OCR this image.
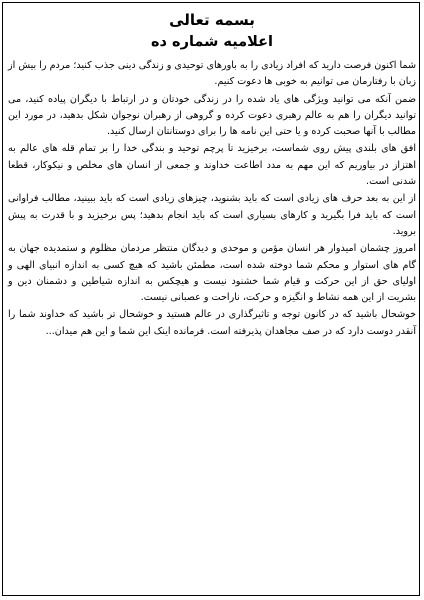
بسمه تعالی
اعلامیه شماره ده

شما اکنون فرصت دارید که افراد زیادی را به باورهای توحیدی و زندگی دینی جذب کنید؛ مردم را بیش از زبان با رفتارمان می توانیم به خوبی ها دعوت کنیم.

ضمن آنکه می توانید ویژگی های یاد شده را در زندگی خودتان و در ارتباط با دیگران پیاده کنید، می توانید دیگران را هم به عالم رهبری دعوت کرده و گروهی از رهبران نوجوان شکل بدهید، در مورد این مطالب با آنها صحبت کرده و یا حتی این نامه ها را برای دوستانتان ارسال کنید.

افق های بلندی پیش روی شماست، برخیزید تا پرچم توحید و بندگی خدا را بر تمام قله های عالم به اهتزاز در بیاوریم که این مهم به مدد اطاعت خداوند و جمعی از انسان های مخلص و نیکوکار، قطعا شدنی است.

از این به بعد حرف های زیادی است که باید بشنوید، چیزهای زیادی است که باید ببینید، مطالب فراوانی است که باید فرا بگیرید و کارهای بسیاری است که باید انجام بدهید؛ پس برخیزید و با قدرت به پیش بروید.

امروز چشمان امیدوار هر انسان مؤمن و موحدی و دیدگان منتظر مردمان مظلوم و ستمدیده جهان به گام های استوار و محکم شما دوخته شده است، مطمئن باشید که هیچ کسی به اندازه انبیای الهی و اولیای حق از این حرکت و قیام شما خشنود نیست و هیچکس به اندازه شیاطین و دشمنان دین و بشریت از این همه نشاط و انگیزه و حرکت، ناراحت و عصبانی نیست.

خوشحال باشید که در کانون توجه و تاثیرگذاری در عالم هستید و خوشحال تر باشید که خداوند شما را آنقدر دوست دارد که در صف مجاهدان پذیرفته است. فرمانده اینک این شما و این هم میدان...
